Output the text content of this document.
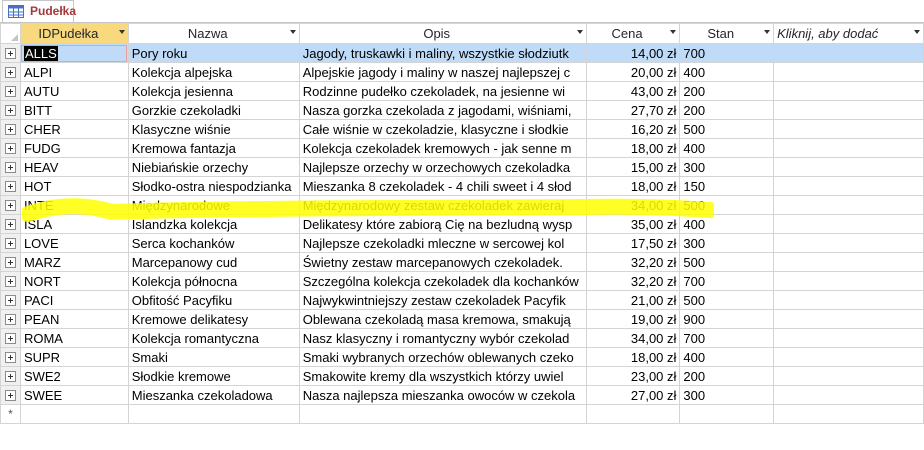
Pudełka

	IDPudełka	Nazwa	Opis	Cena	Stan	Kliknij, aby dodać

	ALLS	Pory roku	Jagody, truskawki i maliny, wszystkie słodziutk	14,00 zł	700	

	ALPI	Kolekcja alpejska	Alpejskie jagody i maliny w naszej najlepszej c	20,00 zł	400	

	AUTU	Kolekcja jesienna	Rodzinne pudełko czekoladek, na jesienne wi	43,00 zł	200	

	BITT	Gorzkie czekoladki	Nasza gorzka czekolada z jagodami, wiśniami,	27,70 zł	200	

	CHER	Klasyczne wiśnie	Całe wiśnie w czekoladzie, klasyczne i słodkie	16,20 zł	500	

	FUDG	Kremowa fantazja	Kolekcja czekoladek kremowych - jak senne m	18,00 zł	400	

	HEAV	Niebiańskie orzechy	Najlepsze orzechy w orzechowych czekoladka	15,00 zł	300	

	HOT	Słodko-ostra niespodzianka	Mieszanka 8 czekoladek - 4 chili sweet i 4 słod	18,00 zł	150	

	INTE	Międzynarodowe	Międzynarodowy zestaw czekoladek zawieraj	34,00 zł	500	

	ISLA	Islandzka kolekcja	Delikatesy które zabiorą Cię na bezludną wysp	35,00 zł	400	

	LOVE	Serca kochanków	Najlepsze czekoladki mleczne w sercowej kol	17,50 zł	300	

	MARZ	Marcepanowy cud	Świetny zestaw marcepanowych czekoladek.	32,20 zł	500	

	NORT	Kolekcja północna	Szczególna kolekcja czekoladek dla kochanków	32,20 zł	700	

	PACI	Obfitość Pacyfiku	Najwykwintniejszy zestaw czekoladek Pacyfik	21,00 zł	500	

	PEAN	Kremowe delikatesy	Oblewana czekoladą masa kremowa, smakują	19,00 zł	900	

	ROMA	Kolekcja romantyczna	Nasz klasyczny i romantyczny wybór czekolad	34,00 zł	700	

	SUPR	Smaki	Smaki wybranych orzechów oblewanych czeko	18,00 zł	400	

	SWE2	Słodkie kremowe	Smakowite kremy dla wszystkich którzy uwiel	23,00 zł	200	

	SWEE	Mieszanka czekoladowa	Nasza najlepsza mieszanka owoców w czekola	27,00 zł	300	
*						
